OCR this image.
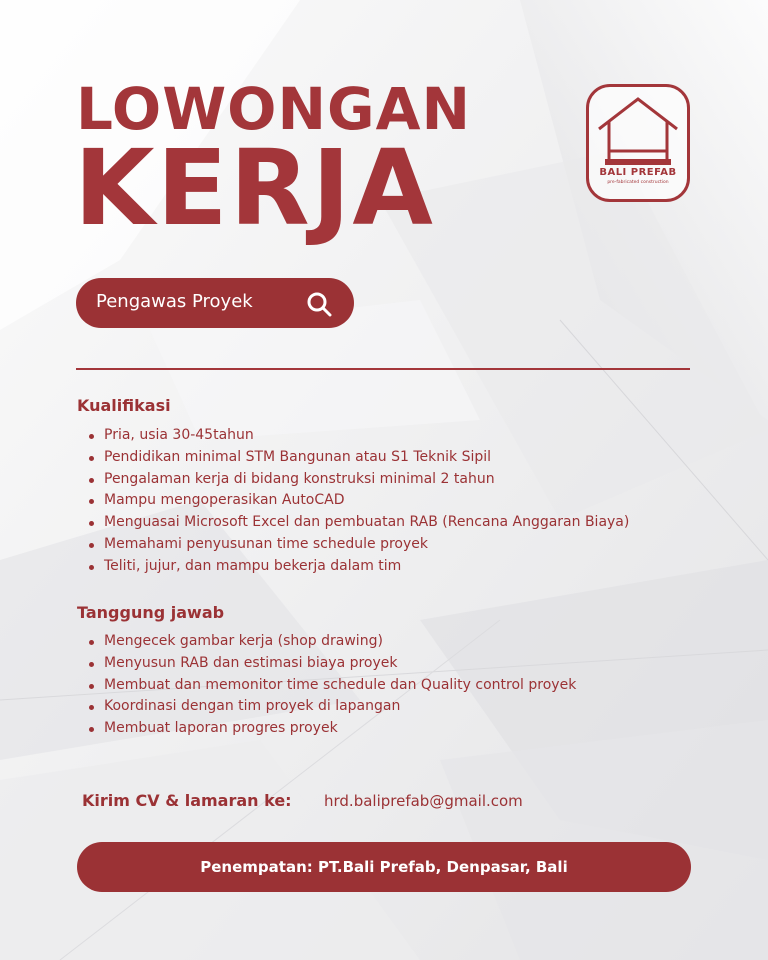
LOWONGAN
KERJA	BALI PREFAB
pre-fabricated construction
Pengawas Proyek
Kualifikasi
Pria, usia 30-45tahun
Pendidikan minimal STM Bangunan atau S1 Teknik Sipil
Pengalaman kerja di bidang konstruksi minimal 2 tahun
Mampu mengoperasikan AutoCAD
Menguasai Microsoft Excel dan pembuatan RAB (Rencana Anggaran Biaya)
Memahami penyusunan time schedule proyek
Teliti, jujur, dan mampu bekerja dalam tim
Tanggung jawab
Mengecek gambar kerja (shop drawing)
Menyusun RAB dan estimasi biaya proyek
Membuat dan memonitor time schedule dan Quality control proyek
Koordinasi dengan tim proyek di lapangan
Membuat laporan progres proyek
Kirim CV & lamaran ke: hrd.baliprefab@gmail.com
Penempatan: PT.Bali Prefab, Denpasar, Bali
